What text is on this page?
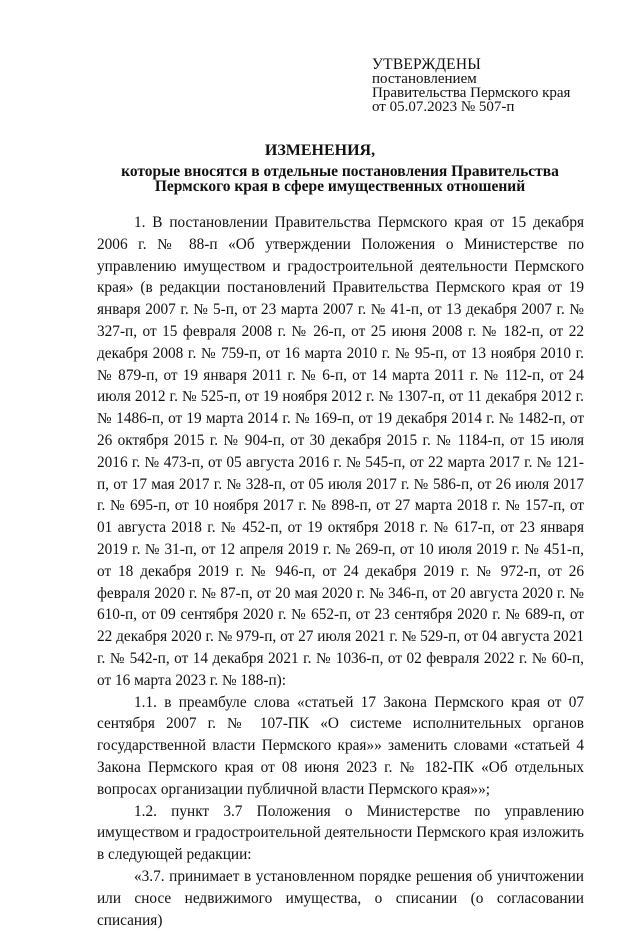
УТВЕРЖДЕНЫ
постановлением
Правительства Пермского края
от 05.07.2023 № 507-п
ИЗМЕНЕНИЯ,
которые вносятся в отдельные постановления Правительства
Пермского края в сфере имущественных отношений

1. В постановлении Правительства Пермского края от 15 декабря 2006 г. № 88-п «Об утверждении Положения о Министерстве по управлению имуществом и градостроительной деятельности Пермского края» (в редакции постановлений Правительства Пермского края от 19 января 2007 г. № 5-п, от 23 марта 2007 г. № 41-п, от 13 декабря 2007 г. № 327-п, от 15 февраля 2008 г. № 26-п, от 25 июня 2008 г. № 182-п, от 22 декабря 2008 г. № 759-п, от 16 марта 2010 г. № 95-п, от 13 ноября 2010 г. № 879-п, от 19 января 2011 г. № 6-п, от 14 марта 2011 г. № 112-п, от 24 июля 2012 г. № 525-п, от 19 ноября 2012 г. № 1307-п, от 11 декабря 2012 г. № 1486-п, от 19 марта 2014 г. № 169-п, от 19 декабря 2014 г. № 1482-п, от 26 октября 2015 г. № 904-п, от 30 декабря 2015 г. № 1184-п, от 15 июля 2016 г. № 473-п, от 05 августа 2016 г. № 545-п, от 22 марта 2017 г. № 121-п, от 17 мая 2017 г. № 328-п, от 05 июля 2017 г. № 586-п, от 26 июля 2017 г. № 695-п, от 10 ноября 2017 г. № 898-п, от 27 марта 2018 г. № 157-п, от 01 августа 2018 г. № 452-п, от 19 октября 2018 г. № 617-п, от 23 января 2019 г. № 31-п, от 12 апреля 2019 г. № 269-п, от 10 июля 2019 г. № 451-п, от 18 декабря 2019 г. № 946-п, от 24 декабря 2019 г. № 972-п, от 26 февраля 2020 г. № 87-п, от 20 мая 2020 г. № 346-п, от 20 августа 2020 г. № 610-п, от 09 сентября 2020 г. № 652-п, от 23 сентября 2020 г. № 689-п, от 22 декабря 2020 г. № 979-п, от 27 июля 2021 г. № 529-п, от 04 августа 2021 г. № 542-п, от 14 декабря 2021 г. № 1036-п, от 02 февраля 2022 г. № 60-п, от 16 марта 2023 г. № 188-п):

1.1. в преамбуле слова «статьей 17 Закона Пермского края от 07 сентября 2007 г. № 107-ПК «О системе исполнительных органов государственной власти Пермского края»» заменить словами «статьей 4 Закона Пермского края от 08 июня 2023 г. № 182-ПК «Об отдельных вопросах организации публичной власти Пермского края»»;

1.2. пункт 3.7 Положения о Министерстве по управлению имуществом и градостроительной деятельности Пермского края изложить в следующей редакции:

«3.7. принимает в установленном порядке решения об уничтожении или сносе недвижимого имущества, о списании (о согласовании списания)
